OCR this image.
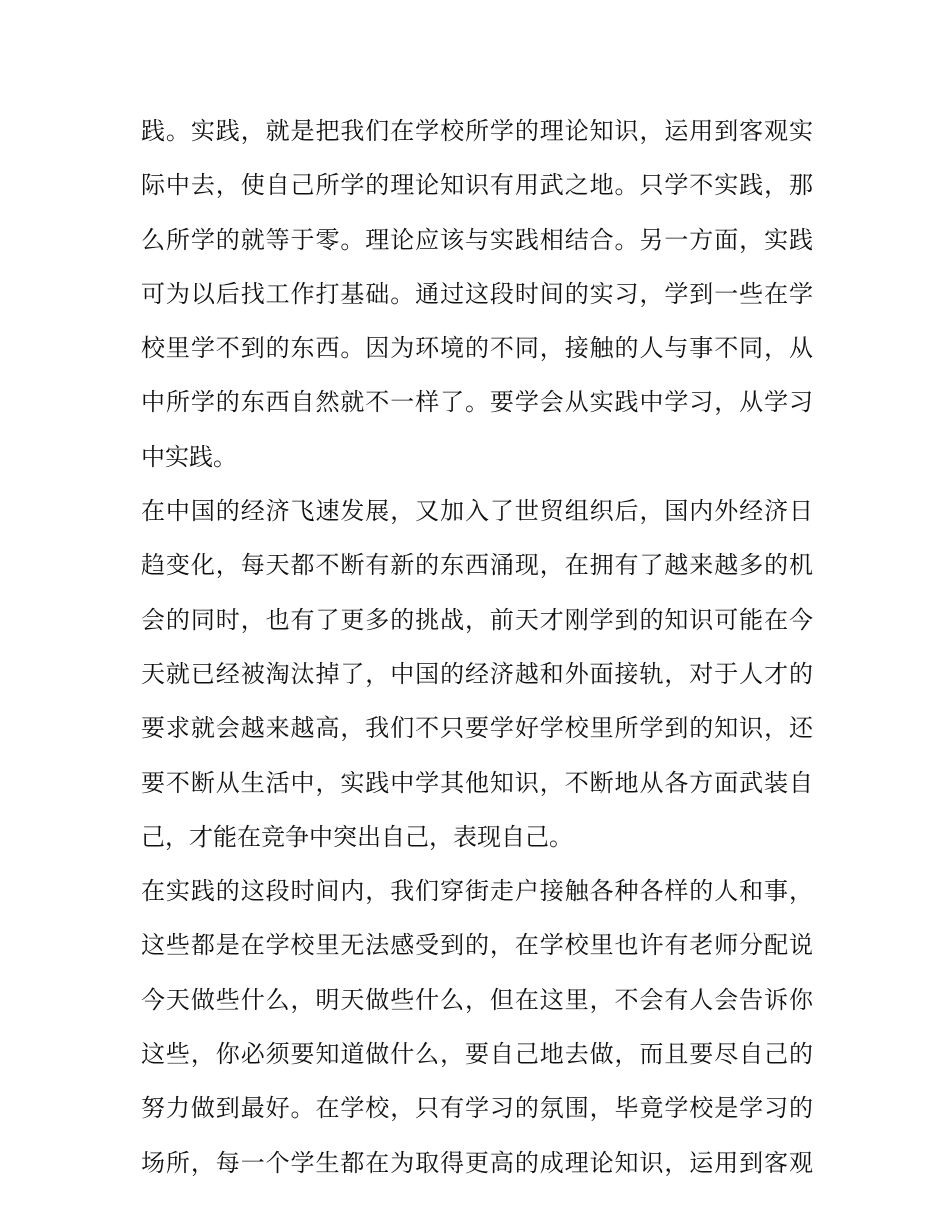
践。实践，就是把我们在学校所学的理论知识，运用到客观实
际中去，使自己所学的理论知识有用武之地。只学不实践，那
么所学的就等于零。理论应该与实践相结合。另一方面，实践
可为以后找工作打基础。通过这段时间的实习，学到一些在学
校里学不到的东西。因为环境的不同，接触的人与事不同，从
中所学的东西自然就不一样了。要学会从实践中学习，从学习
中实践。
在中国的经济飞速发展，又加入了世贸组织后，国内外经济日
趋变化，每天都不断有新的东西涌现，在拥有了越来越多的机
会的同时，也有了更多的挑战，前天才刚学到的知识可能在今
天就已经被淘汰掉了，中国的经济越和外面接轨，对于人才的
要求就会越来越高，我们不只要学好学校里所学到的知识，还
要不断从生活中，实践中学其他知识，不断地从各方面武装自
己，才能在竞争中突出自己，表现自己。
在实践的这段时间内，我们穿街走户接触各种各样的人和事，
这些都是在学校里无法感受到的，在学校里也许有老师分配说
今天做些什么，明天做些什么，但在这里，不会有人会告诉你
这些，你必须要知道做什么，要自己地去做，而且要尽自己的
努力做到最好。在学校，只有学习的氛围，毕竟学校是学习的
场所，每一个学生都在为取得更高的成理论知识，运用到客观
